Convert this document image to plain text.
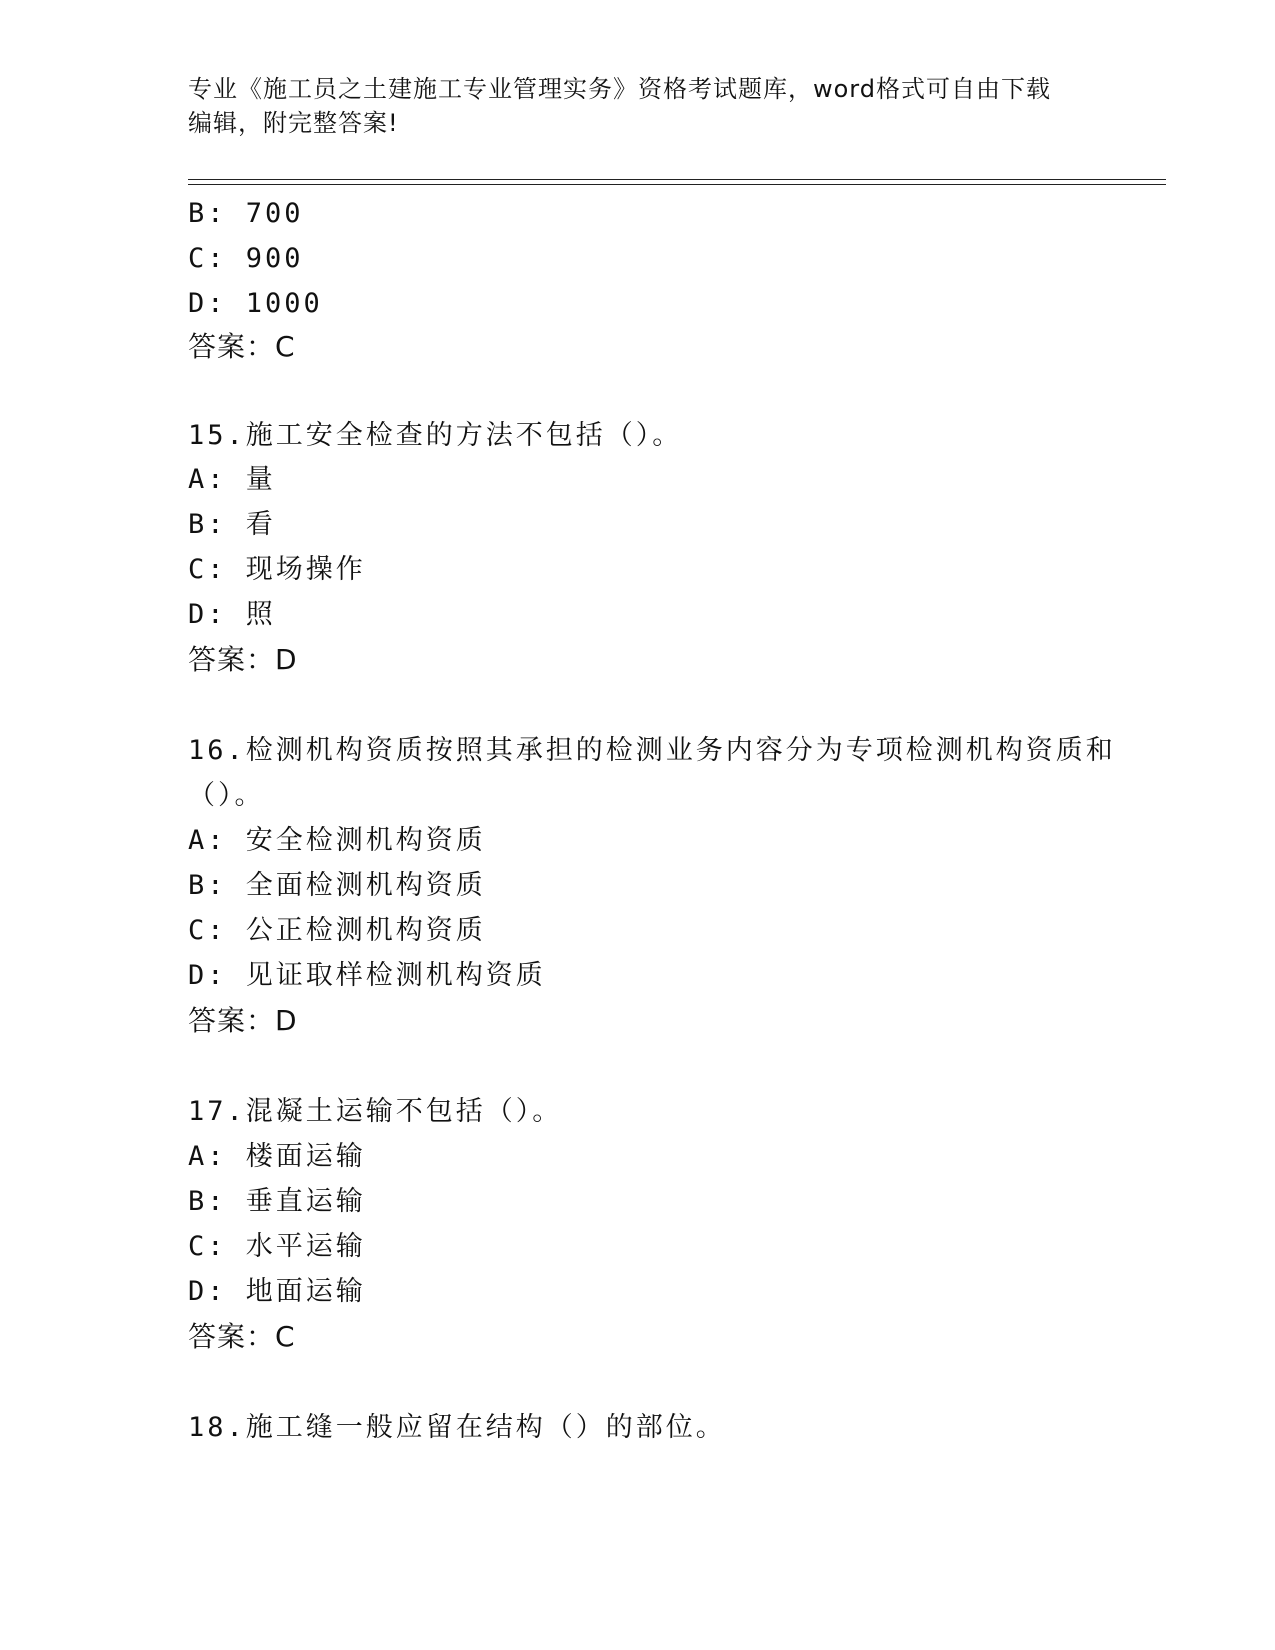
专业《施工员之土建施工专业管理实务》资格考试题库，word格式可自由下载编辑，附完整答案!
B: 700
C: 900
D: 1000
答案：C
15.施工安全检查的方法不包括（）。
A: 量
B: 看
C: 现场操作
D: 照
答案：D
16.检测机构资质按照其承担的检测业务内容分为专项检测机构资质和
（）。
A: 安全检测机构资质
B: 全面检测机构资质
C: 公正检测机构资质
D: 见证取样检测机构资质
答案：D
17.混凝土运输不包括（）。
A: 楼面运输
B: 垂直运输
C: 水平运输
D: 地面运输
答案：C
18.施工缝一般应留在结构（）的部位。
